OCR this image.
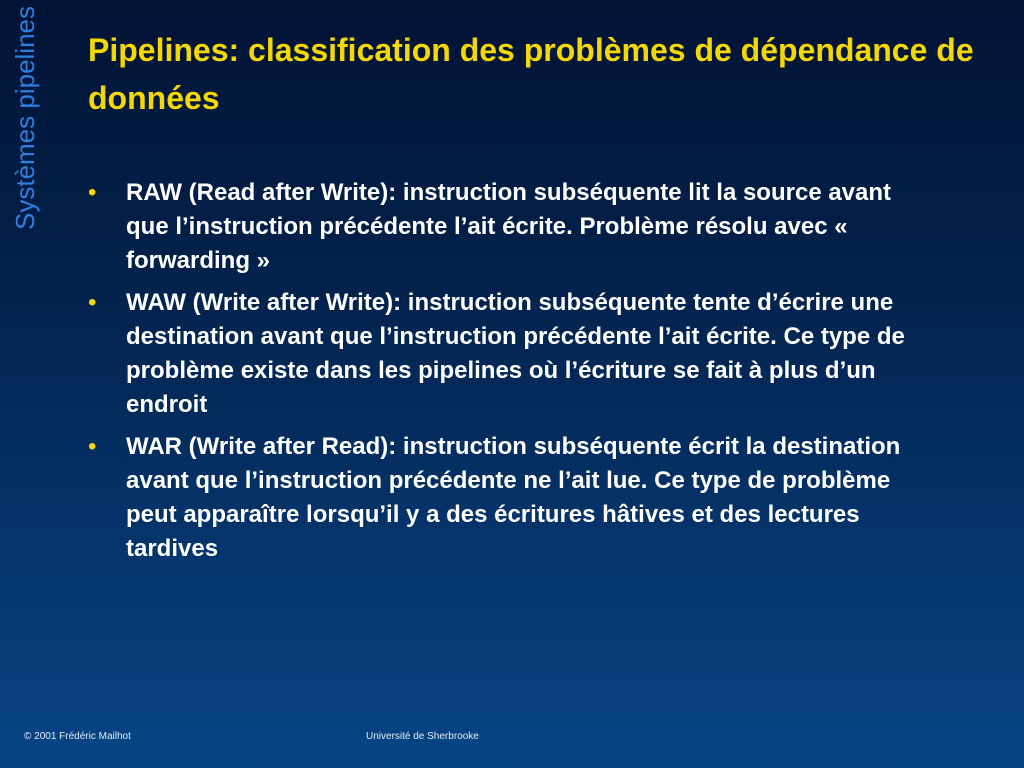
Systèmes pipelines Pipelines: classification des problèmes de dépendance de données
•	RAW (Read after Write): instruction subséquente lit la source avant que l’instruction précédente l’ait écrite. Problème résolu avec « forwarding »
•	WAW (Write after Write): instruction subséquente tente d’écrire une destination avant que l’instruction précédente l’ait écrite. Ce type de problème existe dans les pipelines où l’écriture se fait à plus d’un endroit
•	WAR (Write after Read): instruction subséquente écrit la destination avant que l’instruction précédente ne l’ait lue. Ce type de problème peut apparaître lorsqu’il y a des écritures hâtives et des lectures tardives
© 2001 Frédéric Mailhot	Université de Sherbrooke
